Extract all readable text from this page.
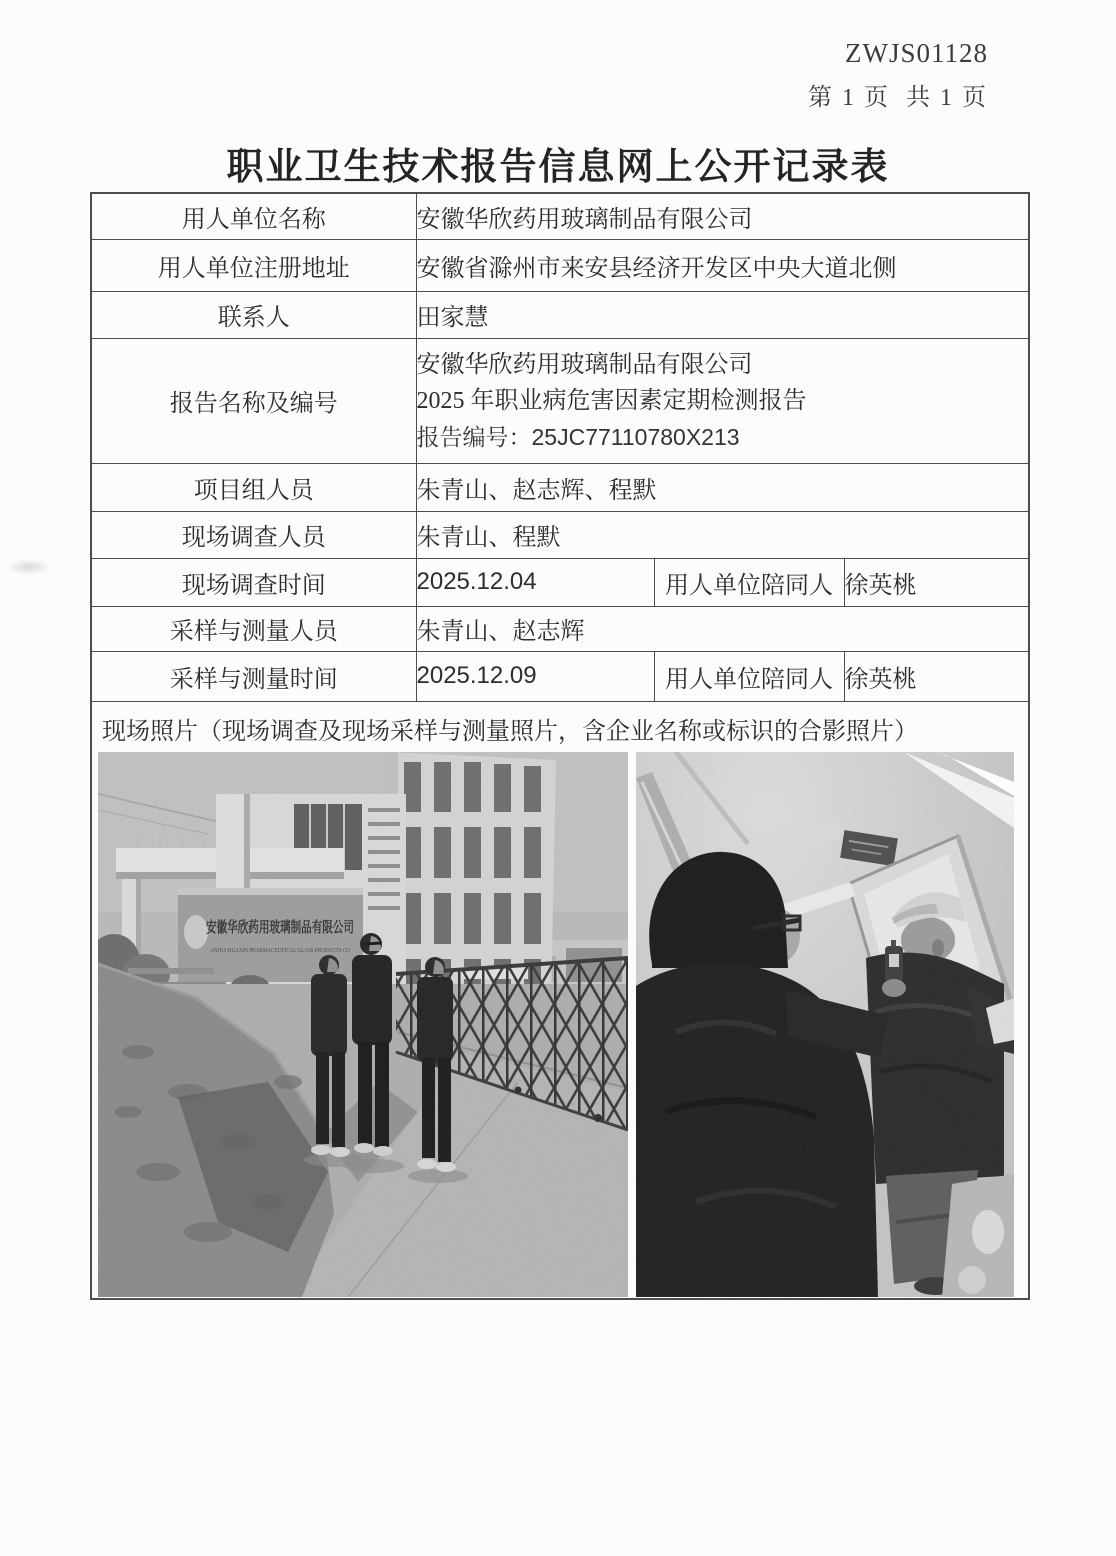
ZWJS01128
第 1 页  共 1 页
职业卫生技术报告信息网上公开记录表
用人单位名称	安徽华欣药用玻璃制品有限公司		
用人单位注册地址	安徽省滁州市来安县经济开发区中央大道北侧		
联系人	田家慧		
报告名称及编号	安徽华欣药用玻璃制品有限公司
2025 年职业病危害因素定期检测报告
报告编号：25JC77110780X213		

项目组人员	朱青山、赵志辉、程默		
现场调查人员	朱青山、程默		
现场调查时间	2025.12.04	用人单位陪同人	徐英桃
采样与测量人员	朱青山、赵志辉		
采样与测量时间	2025.12.09	用人单位陪同人	徐英桃

现场照片（现场调查及现场采样与测量照片，含企业名称或标识的合影照片）
安徽华欣药用玻璃制品有限公司
ANHUI HUAXIN PHARMACEUTICAL GLASS PRODUCTS CO			
